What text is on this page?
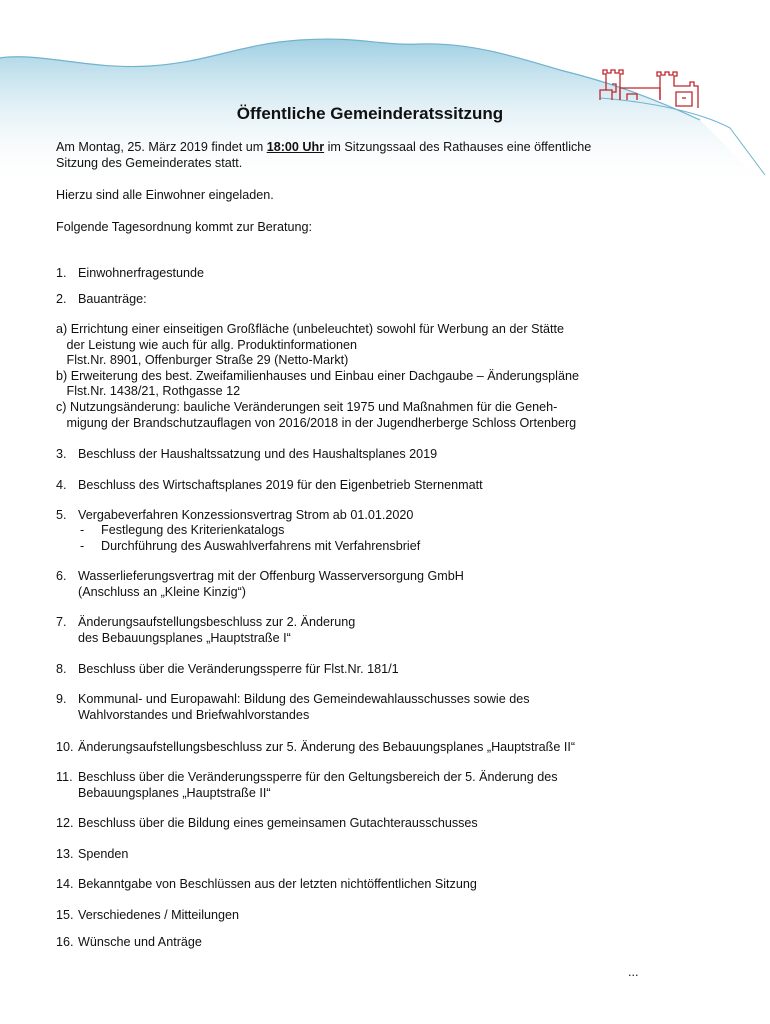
Öffentliche Gemeinderatssitzung
Am Montag, 25. März 2019 findet um 18:00 Uhr im Sitzungssaal des Rathauses eine öffentliche
Sitzung des Gemeinderates statt.
Hierzu sind alle Einwohner eingeladen.
Folgende Tagesordnung kommt zur Beratung:
1. Einwohnerfragestunde
2. Bauanträge:
3. Beschluss der Haushaltssatzung und des Haushaltsplanes 2019
4. Beschluss des Wirtschaftsplanes 2019 für den Eigenbetrieb Sternenmatt
5. Vergabeverfahren Konzessionsvertrag Strom ab 01.01.2020
6. Wasserlieferungsvertrag mit der Offenburg Wasserversorgung GmbH
(Anschluss an „Kleine Kinzig“)
7. Änderungsaufstellungsbeschluss zur 2. Änderung
des Bebauungsplanes „Hauptstraße I“
8. Beschluss über die Veränderungssperre für Flst.Nr. 181/1
9. Kommunal- und Europawahl: Bildung des Gemeindewahlausschusses sowie des
Wahlvorstandes und Briefwahlvorstandes
10. Änderungsaufstellungsbeschluss zur 5. Änderung des Bebauungsplanes „Hauptstraße II“
11. Beschluss über die Veränderungssperre für den Geltungsbereich der 5. Änderung des
Bebauungsplanes „Hauptstraße II“
12. Beschluss über die Bildung eines gemeinsamen Gutachterausschusses
13. Spenden
14. Bekanntgabe von Beschlüssen aus der letzten nichtöffentlichen Sitzung
15. Verschiedenes / Mitteilungen
16. Wünsche und Anträge
a) Errichtung einer einseitigen Großfläche (unbeleuchtet) sowohl für Werbung an der Stätte
der Leistung wie auch für allg. Produktinformationen
Flst.Nr. 8901, Offenburger Straße 29 (Netto-Markt)
b) Erweiterung des best. Zweifamilienhauses und Einbau einer Dachgaube – Änderungspläne
Flst.Nr. 1438/21, Rothgasse 12
c) Nutzungsänderung: bauliche Veränderungen seit 1975 und Maßnahmen für die Geneh-
migung der Brandschutzauflagen von 2016/2018 in der Jugendherberge Schloss Ortenberg
- Festlegung des Kriterienkatalogs
- Durchführung des Auswahlverfahrens mit Verfahrensbrief
...
